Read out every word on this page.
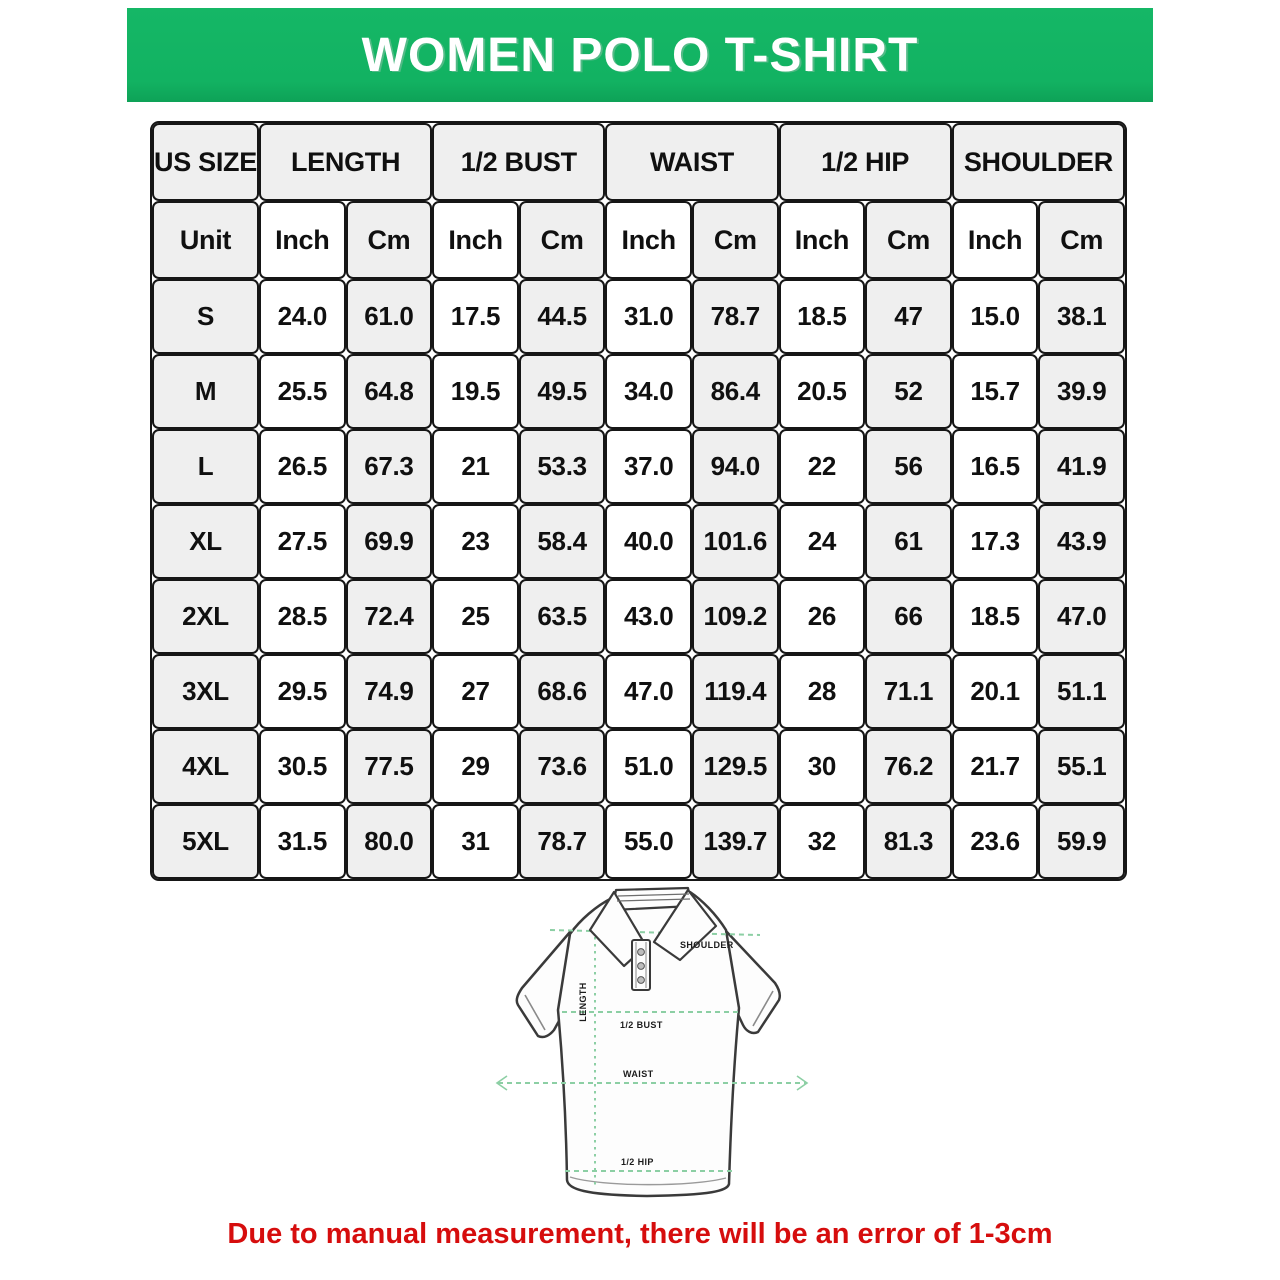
WOMEN POLO T-SHIRT
US SIZE	LENGTH		1/2 BUST		WAIST		1/2 HIP		SHOULDER	
Unit	Inch	Cm	Inch	Cm	Inch	Cm	Inch	Cm	Inch	Cm
S	24.0	61.0	17.5	44.5	31.0	78.7	18.5	47	15.0	38.1
M	25.5	64.8	19.5	49.5	34.0	86.4	20.5	52	15.7	39.9
L	26.5	67.3	21	53.3	37.0	94.0	22	56	16.5	41.9
XL	27.5	69.9	23	58.4	40.0	101.6	24	61	17.3	43.9
2XL	28.5	72.4	25	63.5	43.0	109.2	26	66	18.5	47.0
3XL	29.5	74.9	27	68.6	47.0	119.4	28	71.1	20.1	51.1
4XL	30.5	77.5	29	73.6	51.0	129.5	30	76.2	21.7	55.1
5XL	31.5	80.0	31	78.7	55.0	139.7	32	81.3	23.6	59.9
SHOULDER
LENGTH
1/2 BUST
WAIST
1/2 HIP

Due to manual measurement, there will be an error of 1-3cm
